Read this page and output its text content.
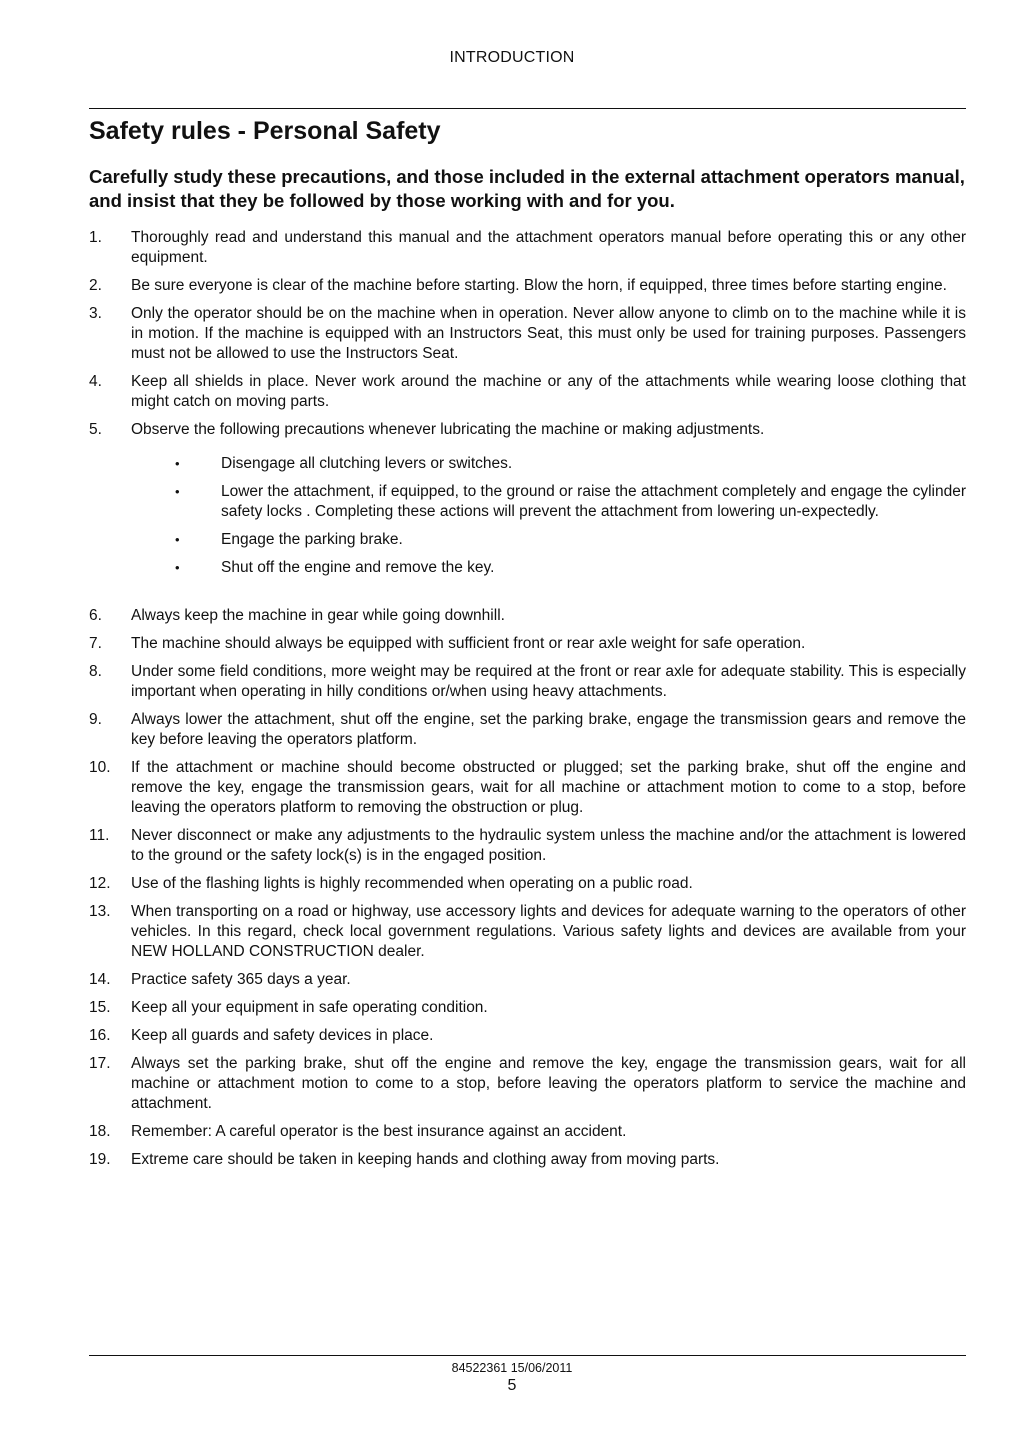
INTRODUCTION
Safety rules - Personal Safety

Carefully study these precautions, and those included in the external attachment operators manual, and insist that they be followed by those working with and for you.

1.	Thoroughly read and understand this manual and the attachment operators manual before operating this or any other equipment.
2.	Be sure everyone is clear of the machine before starting. Blow the horn, if equipped, three times before starting engine.
3.	Only the operator should be on the machine when in operation. Never allow anyone to climb on to the machine while it is in motion. If the machine is equipped with an Instructors Seat, this must only be used for training purposes. Passengers must not be allowed to use the Instructors Seat.
4.	Keep all shields in place. Never work around the machine or any of the attachments while wearing loose clothing that might catch on moving parts.
5.	Observe the following precautions whenever lubricating the machine or making adjustments.
•	Disengage all clutching levers or switches.
•	Lower the attachment, if equipped, to the ground or raise the attachment completely and engage the cylinder safety locks . Completing these actions will prevent the attachment from lowering un-expectedly.
•	Engage the parking brake.
•	Shut off the engine and remove the key.
6.	Always keep the machine in gear while going downhill.
7.	The machine should always be equipped with sufficient front or rear axle weight for safe operation.
8.	Under some field conditions, more weight may be required at the front or rear axle for adequate stability. This is especially important when operating in hilly conditions or/when using heavy attachments.
9.	Always lower the attachment, shut off the engine, set the parking brake, engage the transmission gears and remove the key before leaving the operators platform.
10.	If the attachment or machine should become obstructed or plugged; set the parking brake, shut off the engine and remove the key, engage the transmission gears, wait for all machine or attachment motion to come to a stop, before leaving the operators platform to removing the obstruction or plug.
11.	Never disconnect or make any adjustments to the hydraulic system unless the machine and/or the attachment is lowered to the ground or the safety lock(s) is in the engaged position.
12.	Use of the flashing lights is highly recommended when operating on a public road.
13.	When transporting on a road or highway, use accessory lights and devices for adequate warning to the operators of other vehicles. In this regard, check local government regulations. Various safety lights and devices are available from your NEW HOLLAND CONSTRUCTION dealer.
14.	Practice safety 365 days a year.
15.	Keep all your equipment in safe operating condition.
16.	Keep all guards and safety devices in place.
17.	Always set the parking brake, shut off the engine and remove the key, engage the transmission gears, wait for all machine or attachment motion to come to a stop, before leaving the operators platform to service the machine and attachment.
18.	Remember: A careful operator is the best insurance against an accident.
19.	Extreme care should be taken in keeping hands and clothing away from moving parts.
84522361 15/06/2011
5
